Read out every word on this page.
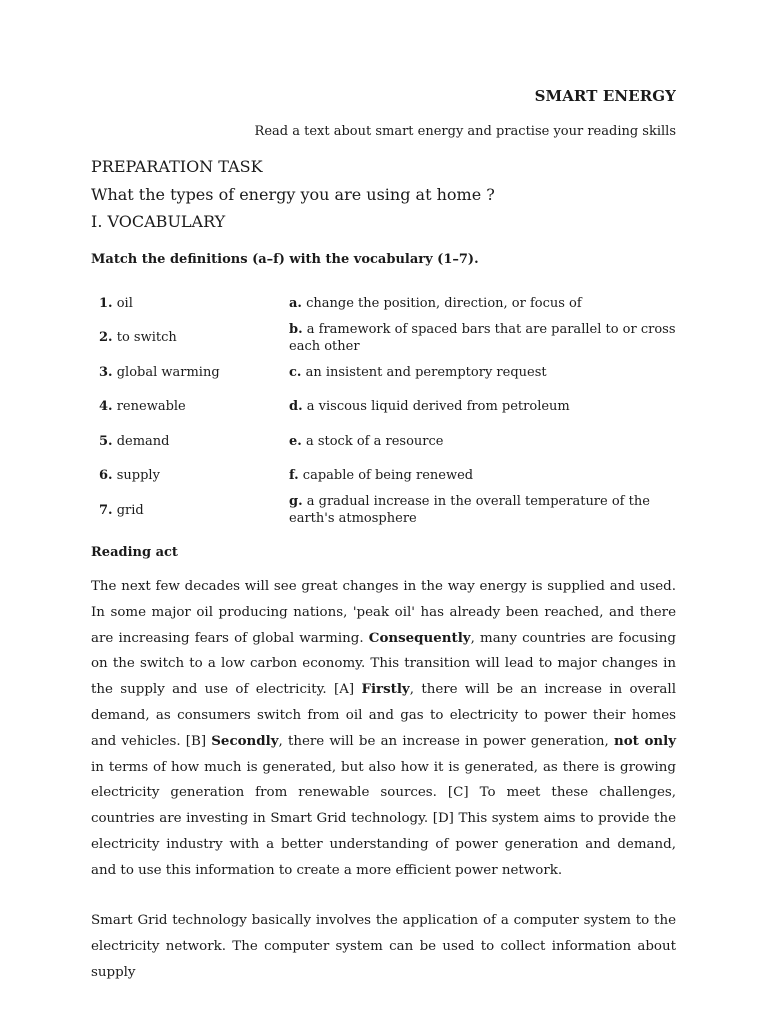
SMART ENERGY
Read a text about smart energy and practise your reading skills
PREPARATION TASK
What the types of energy you are using at home ?
I. VOCABULARY
Match the definitions (a–f) with the vocabulary (1–7).
1. oil	a. change the position, direction, or focus of
2. to switch	b. a framework of spaced bars that are parallel to or cross each other
3. global warming	c. an insistent and peremptory request
4. renewable	d. a viscous liquid derived from petroleum
5. demand	e. a stock of a resource
6. supply	f. capable of being renewed
7. grid	g. a gradual increase in the overall temperature of the earth's atmosphere
Reading act

The next few decades will see great changes in the way energy is supplied and used. In some major oil producing nations, 'peak oil' has already been reached, and there are increasing fears of global warming. Consequently, many countries are focusing on the switch to a low carbon economy. This transition will lead to major changes in the supply and use of electricity. [A] Firstly, there will be an increase in overall demand, as consumers switch from oil and gas to electricity to power their homes and vehicles. [B] Secondly, there will be an increase in power generation, not only in terms of how much is generated, but also how it is generated, as there is growing electricity generation from renewable sources. [C] To meet these challenges, countries are investing in Smart Grid technology. [D] This system aims to provide the electricity industry with a better understanding of power generation and demand, and to use this information to create a more efficient power network.

Smart Grid technology basically involves the application of a computer system to the electricity network. The computer system can be used to collect information about supply
